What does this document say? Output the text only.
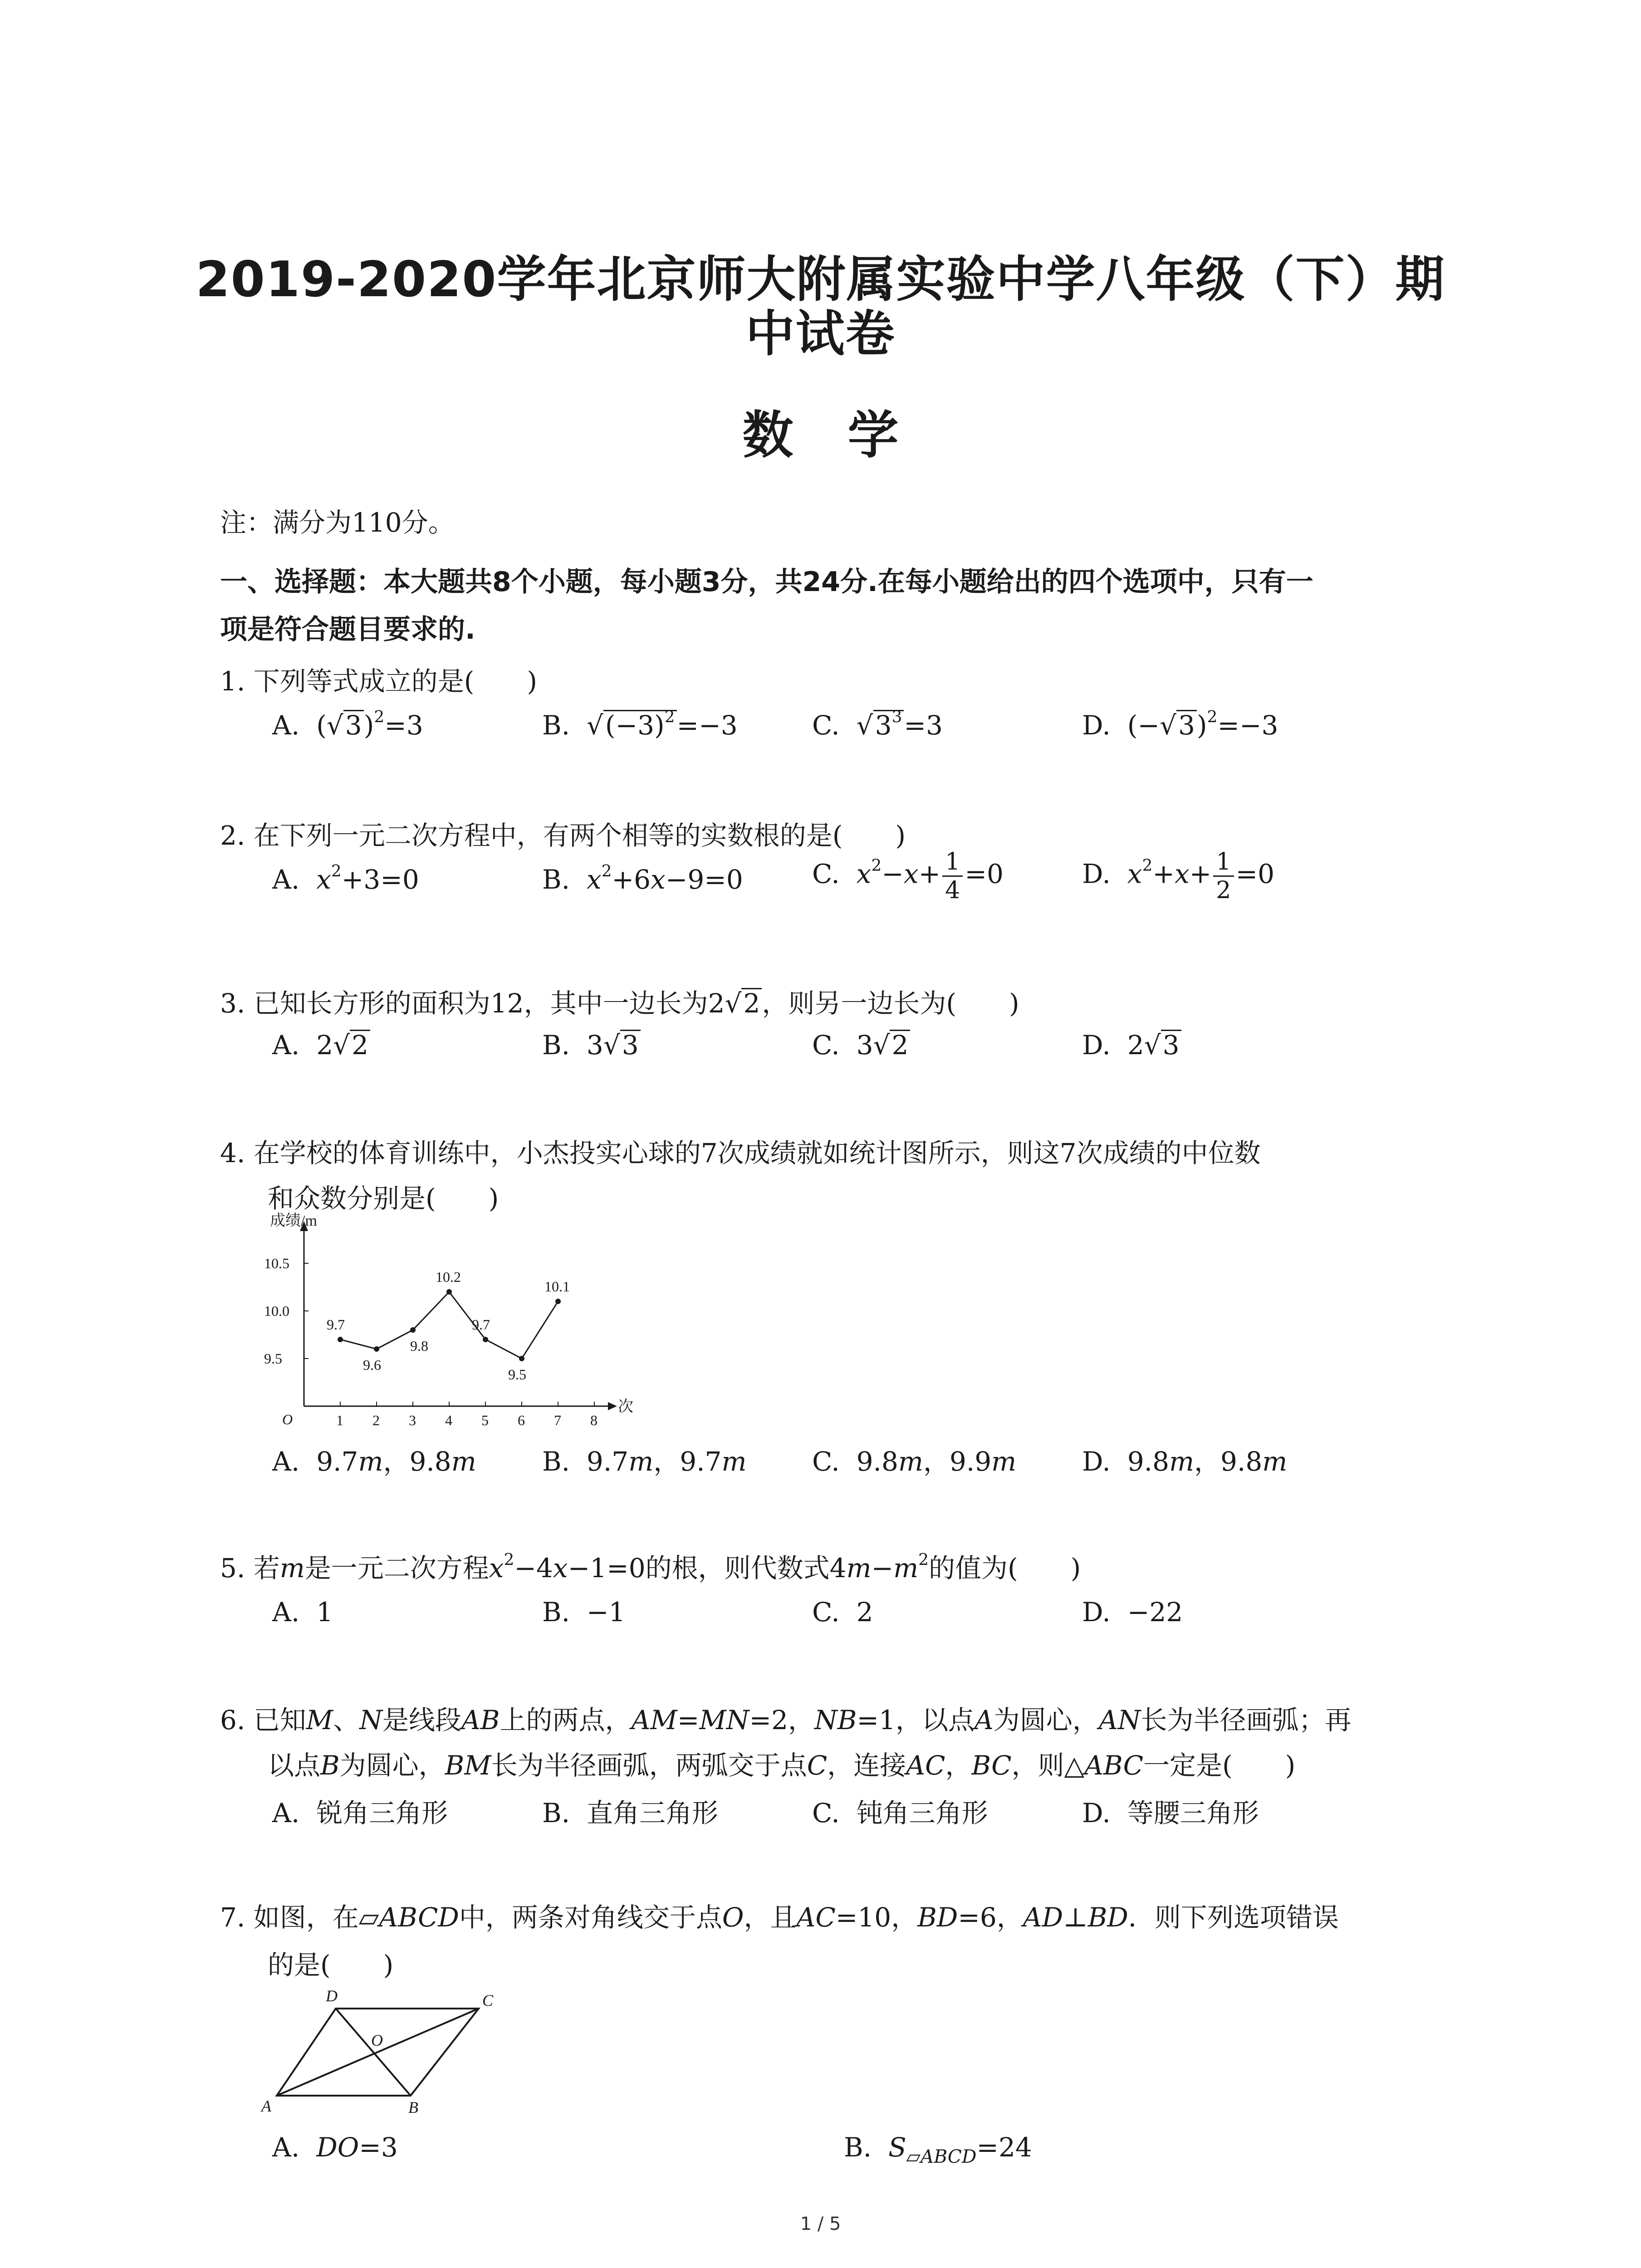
2019-2020学年北京师大附属实验中学八年级（下）期
中试卷
数学
注：满分为110分。
一、选择题：本大题共8个小题，每小题3分，共24分.在每小题给出的四个选项中，只有一
项是符合题目要求的.
1. 下列等式成立的是(　　)
A.  $(√3)^2=3$	B.  $√(-3)^2=-3$	C.  $√3^3=3$	D.  $(-√3)^2=-3$
2. 在下列一元二次方程中，有两个相等的实数根的是(　　)
A. $x^2+3=0$	B. $x^2+6x-9=0$	C. $x^2-x+ \frac{1}{4} =0$	D. $x^2+x+ \frac{1}{2} =0$
3. 已知长方形的面积为12，其中一边长为2√2，则另一边长为(　　)
A.  2√2	B.  3√3	C.  3√2	D.  2√3
4. 在学校的体育训练中，小杰投实心球的7次成绩就如统计图所示，则这7次成绩的中位数
和众数分别是(　　)
成绩/m
次
O	1 2 3 4 5 6 7 8
9.5
10.0
10.5
9.7
9.6
9.8
10.2
9.7
9.5
10.1
A.  9.7m，9.8m	B.  9.7m，9.7m C.  9.8m，9.9m D.  9.8m，9.8m
5. 若m是一元二次方程$x^2-4x-1=0$的根，则代数式$4m-m^2$的值为(　　)
A. 1	B. −1	C. 2	D. −22
6. 已知M、N是线段AB上的两点，AM=MN=2，NB=1，以点A为圆心，AN长为半径画弧；再
以点B为圆心，BM长为半径画弧，两弧交于点C，连接AC，BC，则△ABC一定是(　　)
A. 锐角三角形	B. 直角三角形	C. 钝角三角形	D. 等腰三角形
7. 如图，在▱ABCD中，两条对角线交于点O，且AC=10，BD=6，AD⊥BD．则下列选项错误
的是(　　)
D	C
O
A	B
A. DO=3	B. $S_{▱ABCD}=24$
1 / 5
